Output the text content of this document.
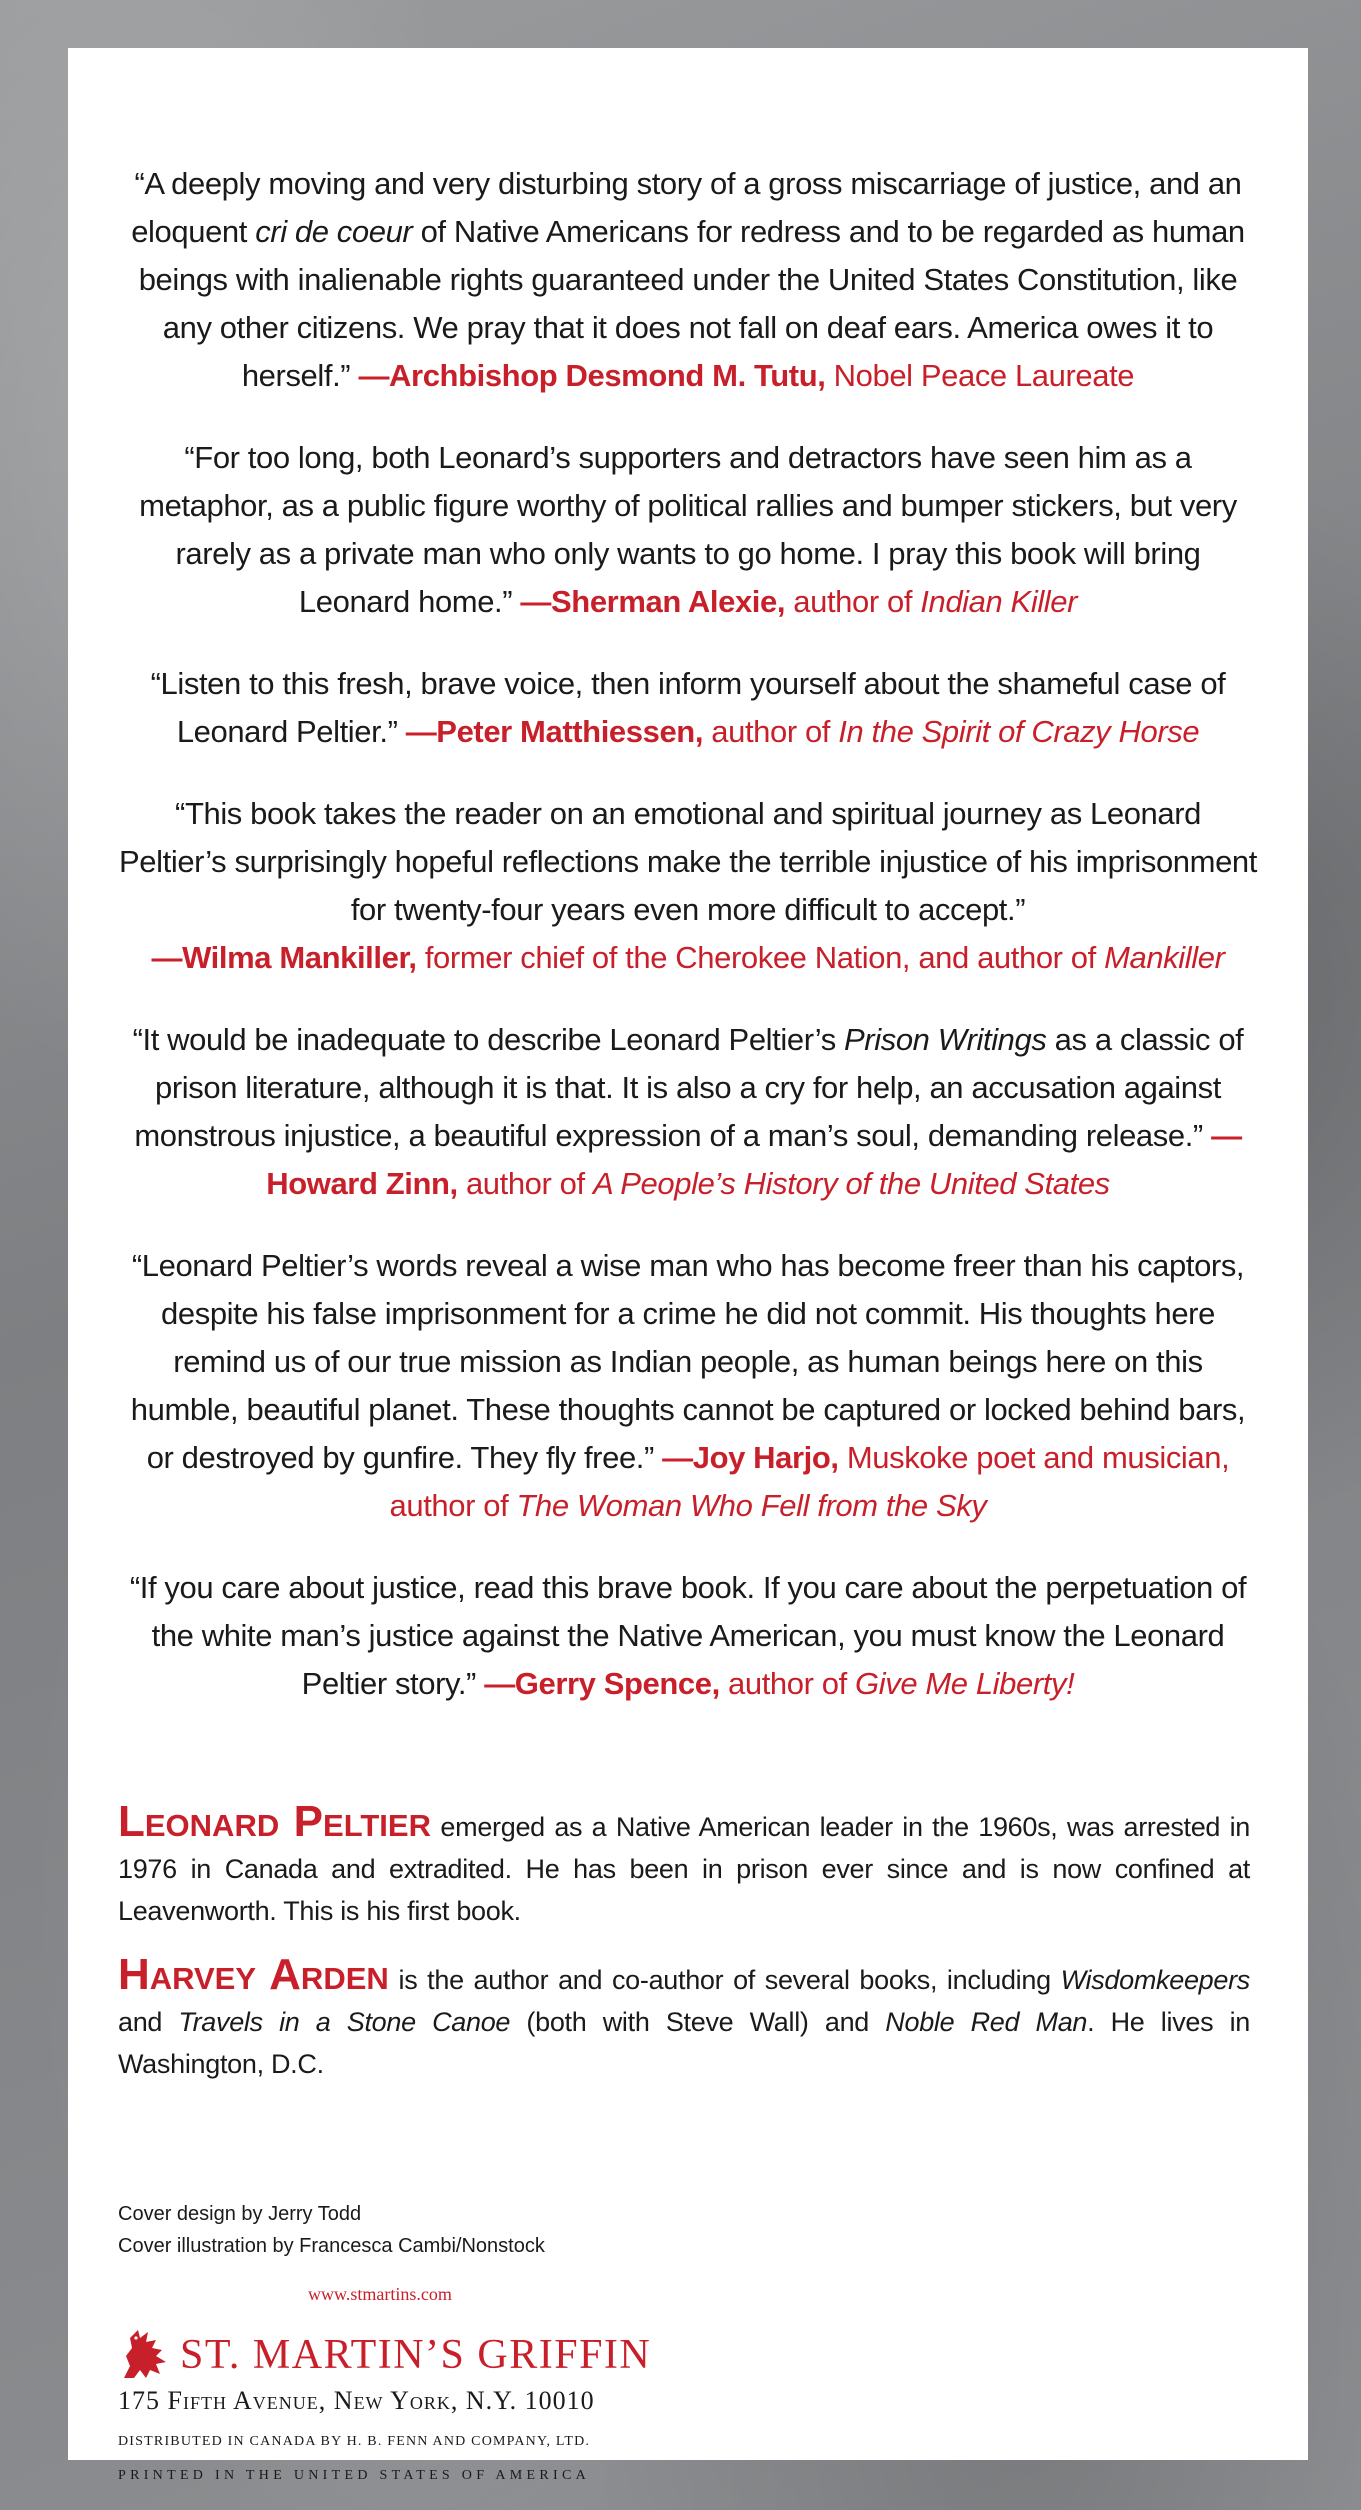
“A deeply moving and very disturbing story of a gross miscarriage of justice, and an eloquent cri de coeur of Native Americans for redress and to be regarded as human beings with inalienable rights guaranteed under the United States Constitution, like any other citizens. We pray that it does not fall on deaf ears. America owes it to herself.” —Archbishop Desmond M. Tutu, Nobel Peace Laureate

“For too long, both Leonard’s supporters and detractors have seen him as a metaphor, as a public figure worthy of political rallies and bumper stickers, but very rarely as a private man who only wants to go home. I pray this book will bring Leonard home.” —Sherman Alexie, author of Indian Killer

“Listen to this fresh, brave voice, then inform yourself about the shameful case of Leonard Peltier.” —Peter Matthiessen, author of In the Spirit of Crazy Horse

“This book takes the reader on an emotional and spiritual journey as Leonard Peltier’s surprisingly hopeful reflections make the terrible injustice of his imprisonment for twenty-four years even more difficult to accept.”
—Wilma Mankiller, former chief of the Cherokee Nation, and author of Mankiller

“It would be inadequate to describe Leonard Peltier’s Prison Writings as a classic of prison literature, although it is that. It is also a cry for help, an accusation against monstrous injustice, a beautiful expression of a man’s soul, demanding release.” —Howard Zinn, author of A People’s History of the United States

“Leonard Peltier’s words reveal a wise man who has become freer than his captors, despite his false imprisonment for a crime he did not commit. His thoughts here remind us of our true mission as Indian people, as human beings here on this humble, beautiful planet. These thoughts cannot be captured or locked behind bars, or destroyed by gunfire. They fly free.” —Joy Harjo, Muskoke poet and musician, author of The Woman Who Fell from the Sky

“If you care about justice, read this brave book. If you care about the perpetuation of the white man’s justice against the Native American, you must know the Leonard Peltier story.” —Gerry Spence, author of Give Me Liberty!

Leonard Peltier emerged as a Native American leader in the 1960s, was arrested in 1976 in Canada and extradited. He has been in prison ever since and is now confined at Leavenworth. This is his first book.

Harvey Arden is the author and co-author of several books, including Wisdomkeepers and Travels in a Stone Canoe (both with Steve Wall) and Noble Red Man. He lives in Washington, D.C.

Cover design by Jerry Todd
Cover illustration by Francesca Cambi/Nonstock
www.stmartins.com
ST. MARTIN’S GRIFFIN
175 Fifth Avenue, New York, N.Y. 10010
DISTRIBUTED IN CANADA BY H. B. FENN AND COMPANY, LTD.
PRINTED IN THE UNITED STATES OF AMERICA
